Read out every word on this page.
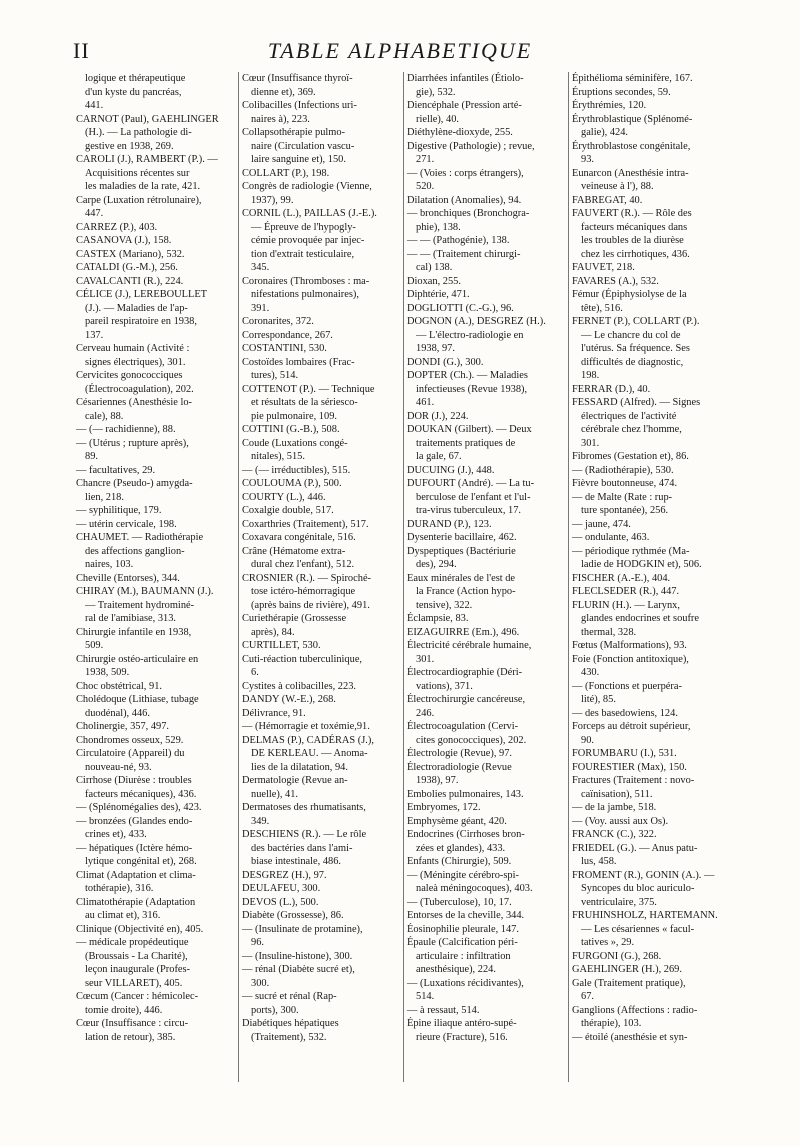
II	TABLE ALPHABETIQUE

logique et thérapeutique
d'un kyste du pancréas,
441.

CARNOT (Paul), GAEHLINGER
(H.). — La pathologie di-
gestive en 1938, 269.

CAROLI (J.), RAMBERT (P.). —
Acquisitions récentes sur
les maladies de la rate, 421.

Carpe (Luxation rétrolunaire),
447.

CARREZ (P.), 403.

CASANOVA (J.), 158.

CASTEX (Mariano), 532.

CATALDI (G.-M.), 256.

CAVALCANTI (R.), 224.

CÉLICE (J.), LEREBOULLET
(J.). — Maladies de l'ap-
pareil respiratoire en 1938,
137.

Cerveau humain (Activité :
signes électriques), 301.

Cervicites gonococciques
(Électrocoagulation), 202.

Césariennes (Anesthésie lo-
cale), 88.

— (— rachidienne), 88.

— (Utérus ; rupture après),
89.

— facultatives, 29.

Chancre (Pseudo-) amygda-
lien, 218.

— syphilitique, 179.

— utérin cervicale, 198.

CHAUMET. — Radiothérapie
des affections ganglion-
naires, 103.

Cheville (Entorses), 344.

CHIRAY (M.), BAUMANN (J.).
— Traitement hydrominé-
ral de l'amibiase, 313.

Chirurgie infantile en 1938,
509.

Chirurgie ostéo-articulaire en
1938, 509.

Choc obstétrical, 91.

Cholédoque (Lithiase, tubage
duodénal), 446.

Cholinergie, 357, 497.

Chondromes osseux, 529.

Circulatoire (Appareil) du
nouveau-né, 93.

Cirrhose (Diurèse : troubles
facteurs mécaniques), 436.

— (Splénomégalies des), 423.

— bronzées (Glandes endo-
crines et), 433.

— hépatiques (Ictère hémo-
lytique congénital et), 268.

Climat (Adaptation et clima-
tothérapie), 316.

Climatothérapie (Adaptation
au climat et), 316.

Clinique (Objectivité en), 405.

— médicale propédeutique
(Broussais - La Charité),
leçon inaugurale (Profes-
seur VILLARET), 405.

Cœcum (Cancer : hémicolec-
tomie droite), 446.

Cœur (Insuffisance : circu-
lation de retour), 385.

Cœur (Insuffisance thyroï-
dienne et), 369.

Colibacilles (Infections uri-
naires à), 223.

Collapsothérapie pulmo-
naire (Circulation vascu-
laire sanguine et), 150.

COLLART (P.), 198.

Congrès de radiologie (Vienne,
1937), 99.

CORNIL (L.), PAILLAS (J.-E.).
— Épreuve de l'hypogly-
cémie provoquée par injec-
tion d'extrait testiculaire,
345.

Coronaires (Thromboses : ma-
nifestations pulmonaires),
391.

Coronarites, 372.

Correspondance, 267.

COSTANTINI, 530.

Costoïdes lombaires (Frac-
tures), 514.

COTTENOT (P.). — Technique
et résultats de la sériesco-
pie pulmonaire, 109.

COTTINI (G.-B.), 508.

Coude (Luxations congé-
nitales), 515.

— (— irréductibles), 515.

COULOUMA (P.), 500.

COURTY (L.), 446.

Coxalgie double, 517.

Coxarthries (Traitement), 517.

Coxavara congénitale, 516.

Crâne (Hématome extra-
dural chez l'enfant), 512.

CROSNIER (R.). — Spiroché-
tose ictéro-hémorragique
(après bains de rivière), 491.

Curiethérapie (Grossesse
après), 84.

CURTILLET, 530.

Cuti-réaction tuberculinique,
6.

Cystites à colibacilles, 223.

DANDY (W.-E.), 268.

Délivrance, 91.

— (Hémorragie et toxémie,91.

DELMAS (P.), CADÉRAS (J.),
DE KERLEAU. — Anoma-
lies de la dilatation, 94.

Dermatologie (Revue an-
nuelle), 41.

Dermatoses des rhumatisants,
349.

DESCHIENS (R.). — Le rôle
des bactéries dans l'ami-
biase intestinale, 486.

DESGREZ (H.), 97.

DEULAFEU, 300.

DEVOS (L.), 500.

Diabète (Grossesse), 86.

— (Insulinate de protamine),
96.

— (Insuline-histone), 300.

— rénal (Diabète sucré et),
300.

— sucré et rénal (Rap-
ports), 300.

Diabétiques hépatiques
(Traitement), 532.

Diarrhées infantiles (Étiolo-
gie), 532.

Diencéphale (Pression arté-
rielle), 40.

Diéthylène-dioxyde, 255.

Digestive (Pathologie) ; revue,
271.

— (Voies : corps étrangers),
520.

Dilatation (Anomalies), 94.

— bronchiques (Bronchogra-
phie), 138.

— — (Pathogénie), 138.

— — (Traitement chirurgi-
cal) 138.

Dioxan, 255.

Diphtérie, 471.

DOGLIOTTI (C.-G.), 96.

DOGNON (A.), DESGREZ (H.).
— L'électro-radiologie en
1938, 97.

DONDI (G.), 300.

DOPTER (Ch.). — Maladies
infectieuses (Revue 1938),
461.

DOR (J.), 224.

DOUKAN (Gilbert). — Deux
traitements pratiques de
la gale, 67.

DUCUING (J.), 448.

DUFOURT (André). — La tu-
berculose de l'enfant et l'ul-
tra-virus tuberculeux, 17.

DURAND (P.), 123.

Dysenterie bacillaire, 462.

Dyspeptiques (Bactériurie
des), 294.

Eaux minérales de l'est de
la France (Action hypo-
tensive), 322.

Éclampsie, 83.

EIZAGUIRRE (Em.), 496.

Électricité cérébrale humaine,
301.

Électrocardiographie (Déri-
vations), 371.

Électrochirurgie cancéreuse,
246.

Électrocoagulation (Cervi-
cites gonococciques), 202.

Électrologie (Revue), 97.

Électroradiologie (Revue
1938), 97.

Embolies pulmonaires, 143.

Embryomes, 172.

Emphysème géant, 420.

Endocrines (Cirrhoses bron-
zées et glandes), 433.

Enfants (Chirurgie), 509.

— (Méningite cérébro-spi-
naleà méningocoques), 403.

— (Tuberculose), 10, 17.

Entorses de la cheville, 344.

Éosinophilie pleurale, 147.

Épaule (Calcification péri-
articulaire : infiltration
anesthésique), 224.

— (Luxations récidivantes),
514.

— à ressaut, 514.

Épine iliaque antéro-supé-
rieure (Fracture), 516.

Épithélioma séminifère, 167.

Éruptions secondes, 59.

Érythrémies, 120.

Érythroblastique (Splénomé-
galie), 424.

Érythroblastose congénitale,
93.

Eunarcon (Anesthésie intra-
veineuse à l'), 88.

FABREGAT, 40.

FAUVERT (R.). — Rôle des
facteurs mécaniques dans
les troubles de la diurèse
chez les cirrhotiques, 436.

FAUVET, 218.

FAVARES (A.), 532.

Fémur (Épiphysiolyse de la
tête), 516.

FERNET (P.), COLLART (P.).
— Le chancre du col de
l'utérus. Sa fréquence. Ses
difficultés de diagnostic,
198.

FERRAR (D.), 40.

FESSARD (Alfred). — Signes
électriques de l'activité
cérébrale chez l'homme,
301.

Fibromes (Gestation et), 86.

— (Radiothérapie), 530.

Fièvre boutonneuse, 474.

— de Malte (Rate : rup-
ture spontanée), 256.

— jaune, 474.

— ondulante, 463.

— périodique rythmée (Ma-
ladie de HODGKIN et), 506.

FISCHER (A.-E.), 404.

FLECLSEDER (R.), 447.

FLURIN (H.). — Larynx,
glandes endocrines et soufre
thermal, 328.

Fœtus (Malformations), 93.

Foie (Fonction antitoxique),
430.

— (Fonctions et puerpéra-
lité), 85.

— des basedowiens, 124.

Forceps au détroit supérieur,
90.

FORUMBARU (I.), 531.

FOURESTIER (Max), 150.

Fractures (Traitement : novo-
caïnisation), 511.

— de la jambe, 518.

— (Voy. aussi aux Os).

FRANCK (C.), 322.

FRIEDEL (G.). — Anus patu-
lus, 458.

FROMENT (R.), GONIN (A.). —
Syncopes du bloc auriculo-
ventriculaire, 375.

FRUHINSHOLZ, HARTEMANN.
— Les césariennes « facul-
tatives », 29.

FURGONI (G.), 268.

GAEHLINGER (H.), 269.

Gale (Traitement pratique),
67.

Ganglions (Affections : radio-
thérapie), 103.

— étoilé (anesthésie et syn-
